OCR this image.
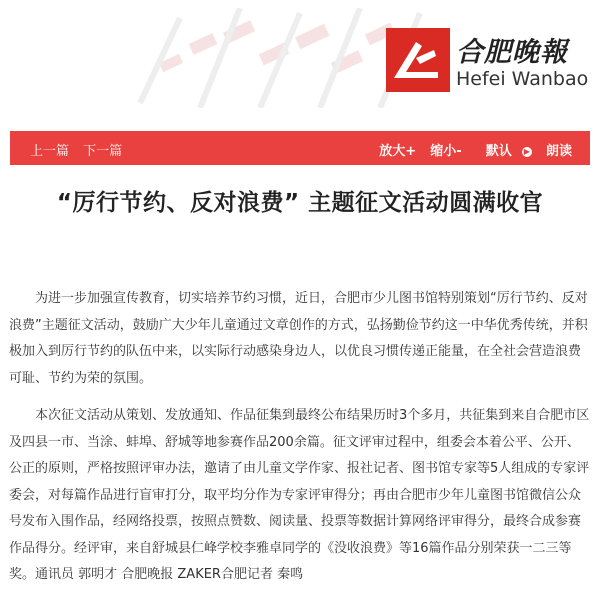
合肥晚報
Hefei Wanbao
上一篇 下一篇	放大+ 缩小- 默认 ▶ 朗读
“厉行节约、反对浪费” 主题征文活动圆满收官
为进一步加强宣传教育，切实培养节约习惯，近日，合肥市少儿图书馆特别策划“厉行节约、反对浪费”主题征文活动，鼓励广大少年儿童通过文章创作的方式，弘扬勤俭节约这一中华优秀传统，并积极加入到厉行节约的队伍中来，以实际行动感染身边人，以优良习惯传递正能量，在全社会营造浪费可耻、节约为荣的氛围。
本次征文活动从策划、发放通知、作品征集到最终公布结果历时3个多月，共征集到来自合肥市区及四县一市、当涂、蚌埠、舒城等地参赛作品200余篇。征文评审过程中，组委会本着公平、公开、公正的原则，严格按照评审办法，邀请了由儿童文学作家、报社记者、图书馆专家等5人组成的专家评委会，对每篇作品进行盲审打分，取平均分作为专家评审得分；再由合肥市少年儿童图书馆微信公众号发布入围作品，经网络投票，按照点赞数、阅读量、投票等数据计算网络评审得分，最终合成参赛作品得分。经评审，来自舒城县仁峰学校李雅卓同学的《没收浪费》等16篇作品分别荣获一二三等奖。通讯员 郭明才 合肥晚报 ZAKER合肥记者 秦鸣
